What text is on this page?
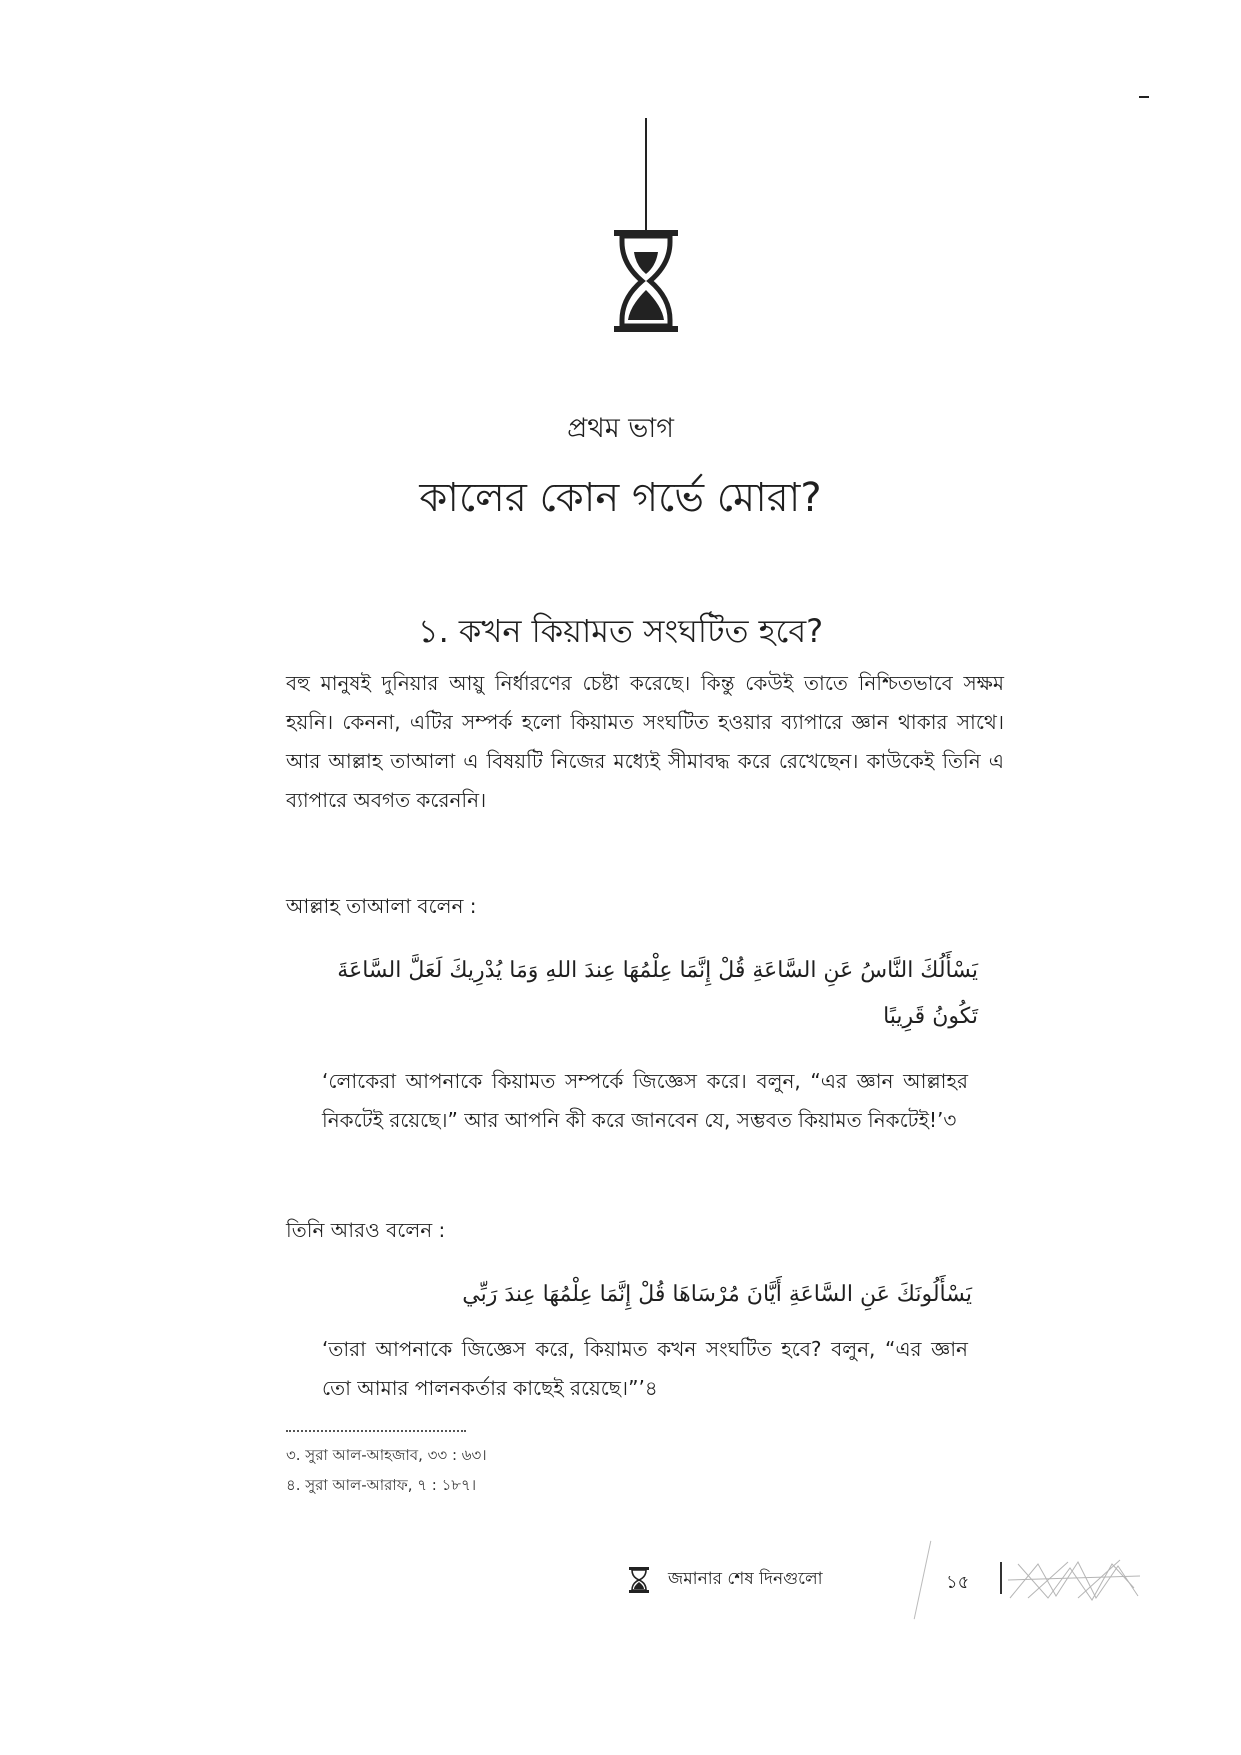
প্রথম ভাগ
কালের কোন গর্ভে মোরা?
১. কখন কিয়ামত সংঘটিত হবে?

বহু মানুষই দুনিয়ার আয়ু নির্ধারণের চেষ্টা করেছে। কিন্তু কেউই তাতে নিশ্চিতভাবে সক্ষম হয়নি। কেননা, এটির সম্পর্ক হলো কিয়ামত সংঘটিত হওয়ার ব্যাপারে জ্ঞান থাকার সাথে। আর আল্লাহ তাআলা এ বিষয়টি নিজের মধ্যেই সীমাবদ্ধ করে রেখেছেন। কাউকেই তিনি এ ব্যাপারে অবগত করেননি।

আল্লাহ তাআলা বলেন :

يَسْأَلُكَ النَّاسُ عَنِ السَّاعَةِ قُلْ إِنَّمَا عِلْمُهَا عِندَ اللهِ وَمَا يُدْرِيكَ لَعَلَّ السَّاعَةَ تَكُونُ قَرِيبًا

‘লোকেরা আপনাকে কিয়ামত সম্পর্কে জিজ্ঞেস করে। বলুন, “এর জ্ঞান আল্লাহর নিকটেই রয়েছে।” আর আপনি কী করে জানবেন যে, সম্ভবত কিয়ামত নিকটেই!’৩

তিনি আরও বলেন :

يَسْأَلُونَكَ عَنِ السَّاعَةِ أَيَّانَ مُرْسَاهَا قُلْ إِنَّمَا عِلْمُهَا عِندَ رَبِّي

‘তারা আপনাকে জিজ্ঞেস করে, কিয়ামত কখন সংঘটিত হবে? বলুন, “এর জ্ঞান তো আমার পালনকর্তার কাছেই রয়েছে।”’৪

৩. সুরা আল-আহজাব, ৩৩ : ৬৩।

৪. সুরা আল-আরাফ, ৭ : ১৮৭।

জমানার শেষ দিনগুলো	১৫
